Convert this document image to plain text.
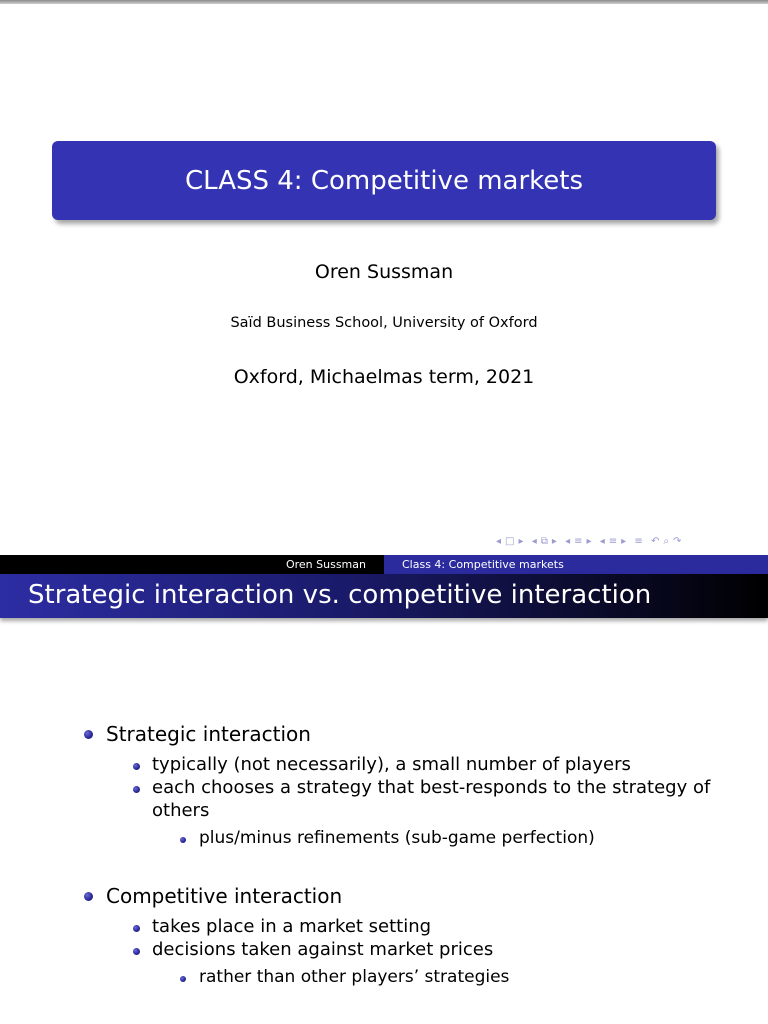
CLASS 4: Competitive markets
Oren Sussman
Saïd Business School, University of Oxford
Oxford, Michaelmas term, 2021
◂ □ ▸ ◂ ⧉ ▸ ◂ ≡ ▸ ◂ ≡ ▸ ≡ ↶ ⌕ ↷
Oren Sussman	Class 4: Competitive markets
Strategic interaction vs. competitive interaction
Strategic interaction
typically (not necessarily), a small number of players
each chooses a strategy that best-responds to the strategy of
others
plus/minus refinements (sub-game perfection)
Competitive interaction
takes place in a market setting
decisions taken against market prices
rather than other players’ strategies
